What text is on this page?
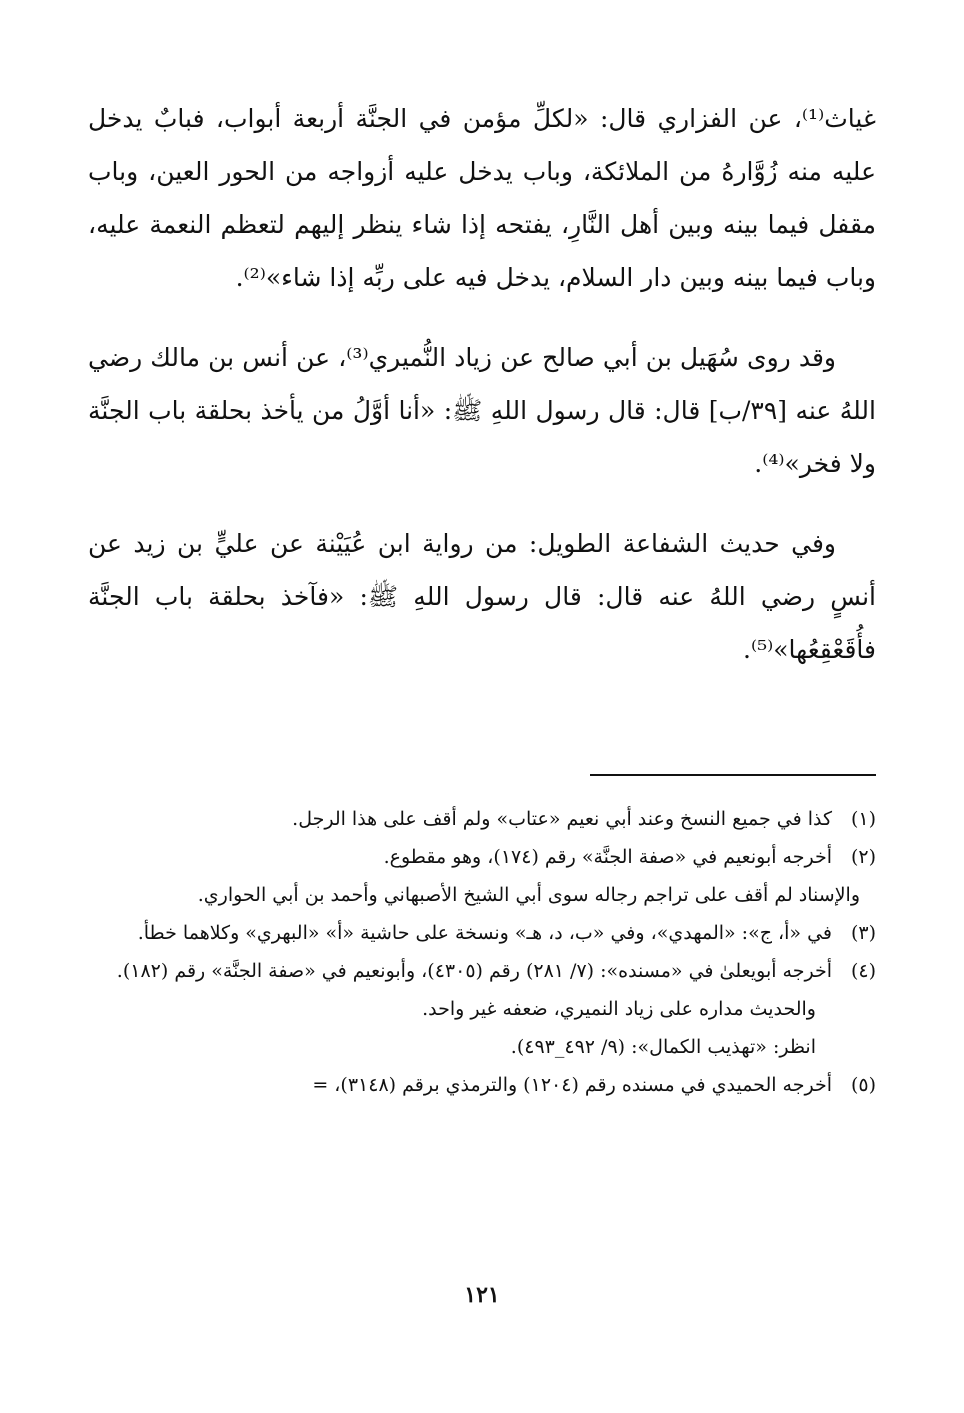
غياث⁽¹⁾، عن الفزاري قال: «لكلِّ مؤمن في الجنَّة أربعة أبواب، فبابٌ يدخل عليه منه زُوَّارهُ من الملائكة، وباب يدخل عليه أزواجه من الحور العين، وباب مقفل فيما بينه وبين أهل النَّارِ، يفتحه إذا شاء ينظر إليهم لتعظم النعمة عليه، وباب فيما بينه وبين دار السلام، يدخل فيه على ربِّه إذا شاء»⁽²⁾.

وقد روى سُهَيل بن أبي صالح عن زياد النُّميري⁽³⁾، عن أنس بن مالك رضي اللهُ عنه [٣٩/ب] قال: قال رسول اللهِ ﷺ: «أنا أوَّلُ من يأخذ بحلقة باب الجنَّة ولا فخر»⁽⁴⁾.

وفي حديث الشفاعة الطويل: من رواية ابن عُيَيْنة عن عليٍّ بن زيد عن أنسٍ رضي اللهُ عنه قال: قال رسول اللهِ ﷺ: «فآخذ بحلقة باب الجنَّة فأُقَعْقِعُها»⁽⁵⁾.

(١)

كذا في جميع النسخ وعند أبي نعيم «عتاب» ولم أقف على هذا الرجل.

(٢)

أخرجه أبونعيم في «صفة الجنَّة» رقم (١٧٤)، وهو مقطوع.

والإسناد لم أقف على تراجم رجاله سوى أبي الشيخ الأصبهاني وأحمد بن أبي الحواري.

(٣)

في «أ، ج»: «المهدي»، وفي «ب، د، هـ» ونسخة على حاشية «أ» «البهري» وكلاهما خطأ.

(٤)

أخرجه أبويعلىٰ في «مسنده»: (٧/ ٢٨١) رقم (٤٣٠٥)، وأبونعيم في «صفة الجنَّة» رقم (١٨٢).

والحديث مداره على زياد النميري، ضعفه غير واحد.

انظر: «تهذيب الكمال»: (٩/ ٤٩٢_٤٩٣).

(٥)

أخرجه الحميدي في مسنده رقم (١٢٠٤) والترمذي برقم (٣١٤٨)، =

١٢١
